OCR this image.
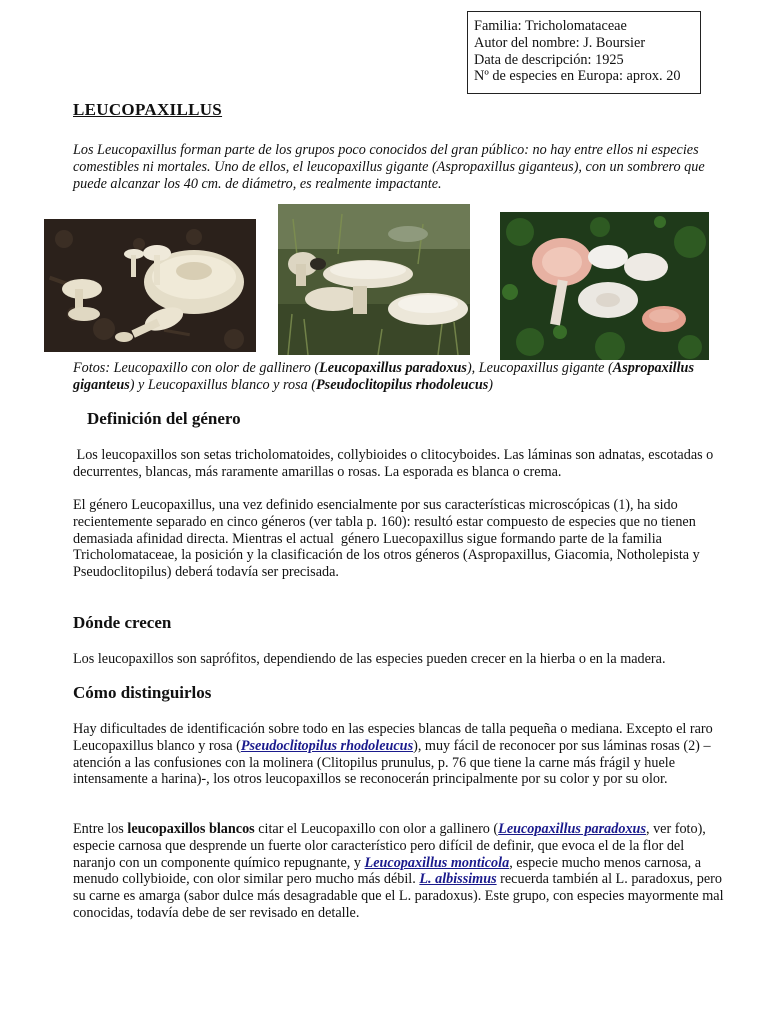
Familia: Tricholomataceae
Autor del nombre: J. Boursier
Data de descripción: 1925
Nº de especies en Europa: aprox. 20
LEUCOPAXILLUS
Los Leucopaxillus forman parte de los grupos poco conocidos del gran público: no hay entre ellos ni especies comestibles ni mortales. Uno de ellos, el leucopaxillus gigante (Aspropaxillus giganteus), con un sombrero que puede alcanzar los 40 cm. de diámetro, es realmente impactante.
Fotos: Leucopaxillo con olor de gallinero (Leucopaxillus paradoxus), Leucopaxillus gigante (Aspropaxillus giganteus) y Leucopaxillus blanco y rosa (Pseudoclitopilus rhodoleucus)
Definición del género
Los leucopaxillos son setas tricholomatoides, collybioides o clitocyboides. Las láminas son adnatas, escotadas o decurrentes, blancas, más raramente amarillas o rosas. La esporada es blanca o crema.
El género Leucopaxillus, una vez definido esencialmente por sus características microscópicas (1), ha sido recientemente separado en cinco géneros (ver tabla p. 160): resultó estar compuesto de especies que no tienen demasiada afinidad directa. Mientras el actual  género Luecopaxillus sigue formando parte de la familia Tricholomataceae, la posición y la clasificación de los otros géneros (Aspropaxillus, Giacomia, Notholepista y Pseudoclitopilus) deberá todavía ser precisada.
Dónde crecen
Los leucopaxillos son saprófitos, dependiendo de las especies pueden crecer en la hierba o en la madera.
Cómo distinguirlos
Hay dificultades de identificación sobre todo en las especies blancas de talla pequeña o mediana. Excepto el raro Leucopaxillus blanco y rosa (Pseudoclitopilus rhodoleucus), muy fácil de reconocer por sus láminas rosas (2) – atención a las confusiones con la molinera (Clitopilus prunulus, p. 76 que tiene la carne más frágil y huele intensamente a harina)-, los otros leucopaxillos se reconocerán principalmente por su color y por su olor.
Entre los leucopaxillos blancos citar el Leucopaxillo con olor a gallinero (Leucopaxillus paradoxus, ver foto), especie carnosa que desprende un fuerte olor característico pero difícil de definir, que evoca el de la flor del naranjo con un componente químico repugnante, y Leucopaxillus monticola, especie mucho menos carnosa, a menudo collybioide, con olor similar pero mucho más débil. L. albissimus recuerda también al L. paradoxus, pero su carne es amarga (sabor dulce más desagradable que el L. paradoxus). Este grupo, con especies mayormente mal conocidas, todavía debe de ser revisado en detalle.
